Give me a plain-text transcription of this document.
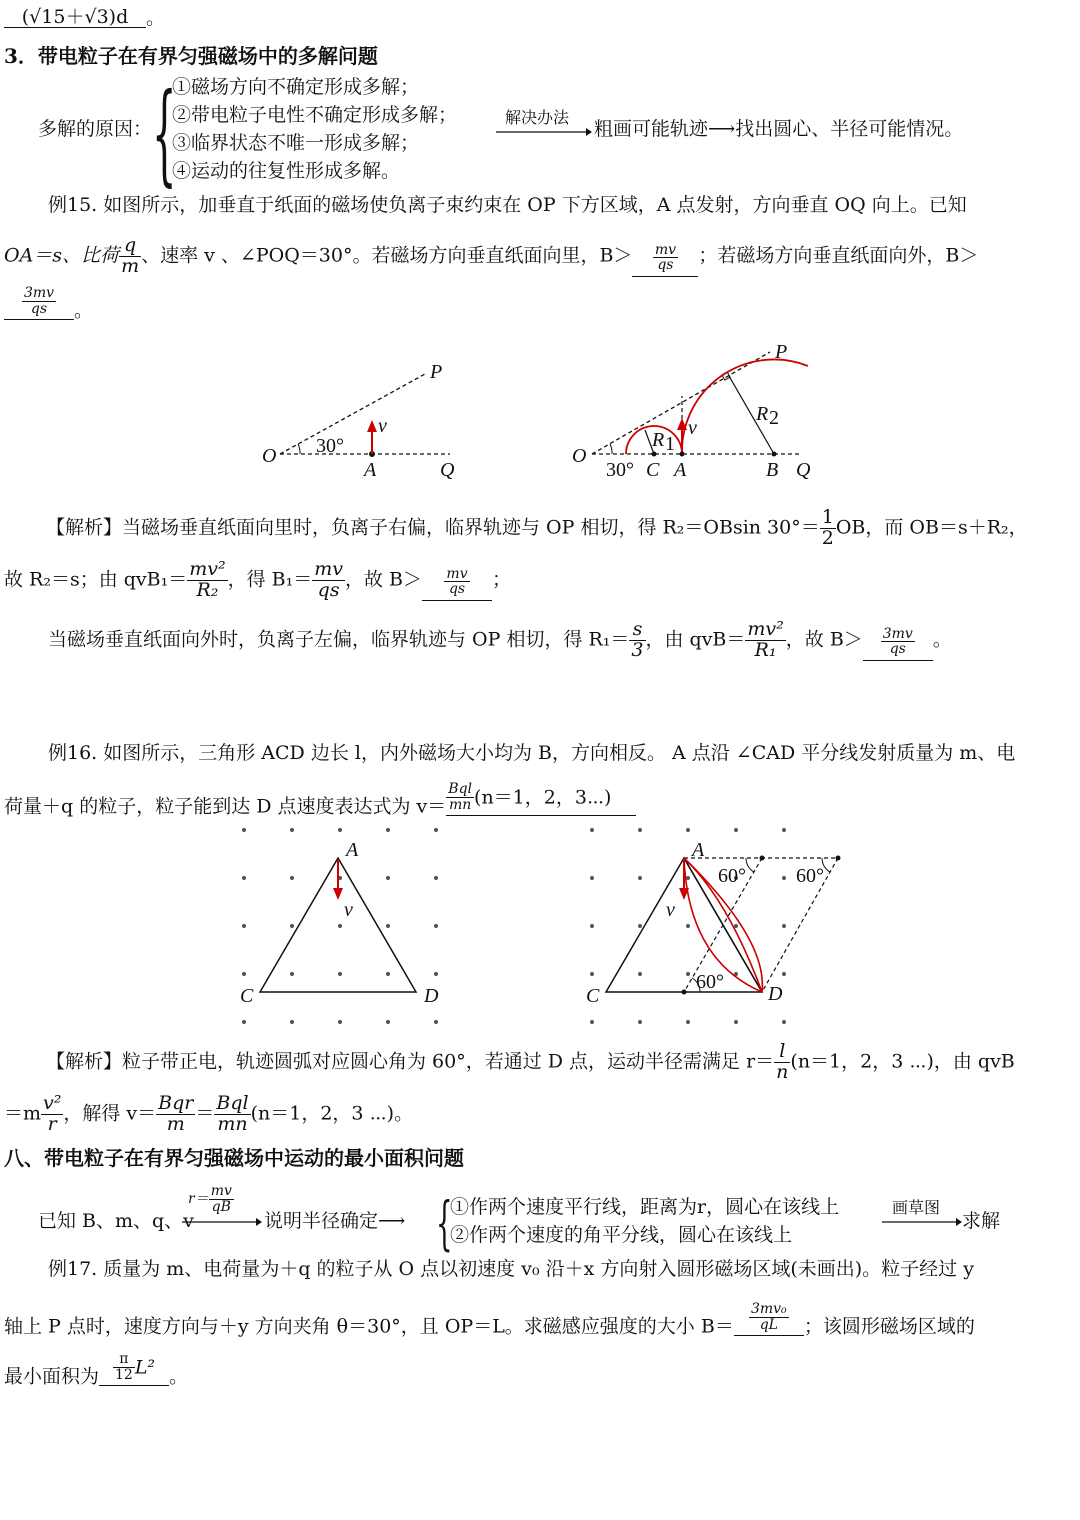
(√15＋√3)d 。
3．带电粒子在有界匀强磁场中的多解问题
多解的原因： {
①磁场方向不确定形成多解；
②带电粒子电性不确定形成多解；
③临界状态不唯一形成多解；
④运动的往复性形成多解。
解决办法
粗画可能轨迹⟶找出圆心、半径可能情况。
例15. 如图所示，加垂直于纸面的磁场使负离子束约束在 OP 下方区域，A 点发射，方向垂直 OQ 向上。已知
OA＝s、比荷 $\frac{q}{m}$ 、速率 v 、∠POQ＝30°。若磁场方向垂直纸面向里，$B> \frac{mv}{qs}$ ；若磁场方向垂直纸面向外，B＞
$\frac{3mv}{qs}$ 。
O
A
P
Q
v
30°	O
30° C A	B Q
P
v
R 1
R 2
【解析】当磁场垂直纸面向里时，负离子右偏，临界轨迹与 OP 相切，得 R₂＝OBsin $30^\circ= \frac{1}{2}$ OB，而 OB＝s＋R₂，
故 R₂＝s；由 $qvB_1= \frac{\text{mv²}}{\text{R₂}}$ ，得 $B_1= \frac{mv}{qs}$ ，故 $B> \frac{mv}{qs}$ ；
当磁场垂直纸面向外时，负离子左偏，临界轨迹与 OP 相切，得 $R_1= \frac{s}{3}$ ，由 $qvB= \frac{\text{mv²}}{\text{R₁}}$ ，故 $B> \frac{3mv}{qs}$ 。
例16. 如图所示，三角形 ACD 边长 l，内外磁场大小均为 B，方向相反。 A 点沿 ∠CAD 平分线发射质量为 m、电
荷量＋q 的粒子，粒子能到达 D 点速度表达式为 $v= \frac{\text{Bql}}{mn} (n=1$，2，3⋯)
A
C	D
v
A
C	D
v
60°	60°
60°
【解析】粒子带正电，轨迹圆弧对应圆心角为 60°，若通过 D 点，运动半径需满足 $r= \frac{l}{n} (n=1$，2，3 ⋯)，由 qvB
$=m \frac{\text{v²}}{r}$ ，解得 $v= \frac{\text{Bqr}}{m} = \frac{\text{Bql}}{mn} (n=1$，2，3 ⋯)。
八、带电粒子在有界匀强磁场中运动的最小面积问题
已知 B、m、q、v
$r= \frac{mv}{qB}$
说明半径确定⟶ {
①作两个速度平行线，距离为r，圆心在该线上
②作两个速度的角平分线，圆心在该线上
画草图
求解
例17. 质量为 m、电荷量为＋q 的粒子从 O 点以初速度 v₀ 沿＋x 方向射入圆形磁场区域(未画出)。粒子经过 y
轴上 P 点时，速度方向与＋y 方向夹角 θ＝30°，且 OP＝L。求磁感应强度的大小 $B= \frac{\text{3mv₀}}{qL}$ ；该圆形磁场区域的
最小面积为 $\frac{\pi}{12} L^2$ 。
